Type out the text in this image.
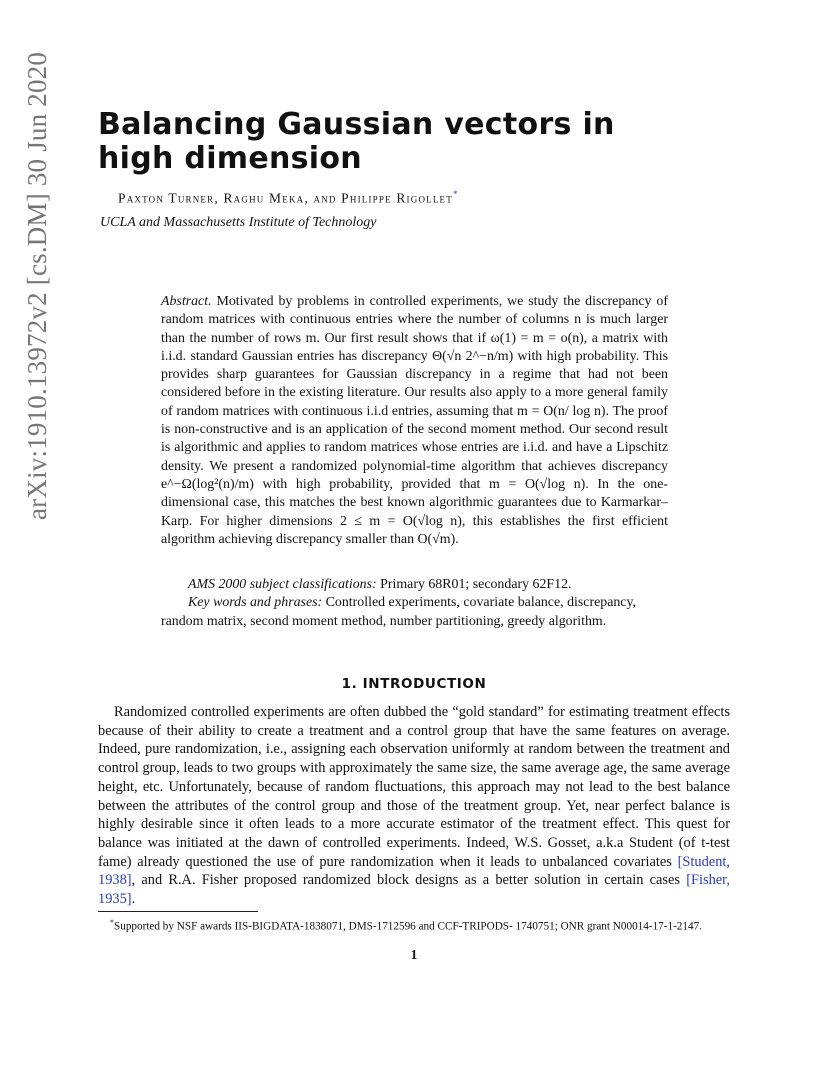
arXiv:1910.13972v2 [cs.DM] 30 Jun 2020 Balancing Gaussian vectors in high dimension
Paxton Turner, Raghu Meka, and Philippe Rigollet*
UCLA and Massachusetts Institute of Technology

Abstract. Motivated by problems in controlled experiments, we study the discrepancy of random matrices with continuous entries where the number of columns n is much larger than the number of rows m. Our first result shows that if ω(1) = m = o(n), a matrix with i.i.d. standard Gaussian entries has discrepancy Θ(√n 2^−n/m) with high probability. This provides sharp guarantees for Gaussian discrepancy in a regime that had not been considered before in the existing literature. Our results also apply to a more general family of random matrices with continuous i.i.d entries, assuming that m = O(n/ log n). The proof is non-constructive and is an application of the second moment method. Our second result is algorithmic and applies to random matrices whose entries are i.i.d. and have a Lipschitz density. We present a randomized polynomial-time algorithm that achieves discrepancy e^−Ω(log²(n)/m) with high probability, provided that m = O(√log n). In the one-dimensional case, this matches the best known algorithmic guarantees due to Karmarkar–Karp. For higher dimensions 2 ≤ m = O(√log n), this establishes the first efficient algorithm achieving discrepancy smaller than O(√m).

AMS 2000 subject classifications: Primary 68R01; secondary 62F12.

Key words and phrases: Controlled experiments, covariate balance, discrepancy, random matrix, second moment method, number partitioning, greedy algorithm.

1. INTRODUCTION

Randomized controlled experiments are often dubbed the “gold standard” for estimating treatment effects because of their ability to create a treatment and a control group that have the same features on average. Indeed, pure randomization, i.e., assigning each observation uniformly at random between the treatment and control group, leads to two groups with approximately the same size, the same average age, the same average height, etc. Unfortunately, because of random fluctuations, this approach may not lead to the best balance between the attributes of the control group and those of the treatment group. Yet, near perfect balance is highly desirable since it often leads to a more accurate estimator of the treatment effect. This quest for balance was initiated at the dawn of controlled experiments. Indeed, W.S. Gosset, a.k.a Student (of t-test fame) already questioned the use of pure randomization when it leads to unbalanced covariates [Student, 1938], and R.A. Fisher proposed randomized block designs as a better solution in certain cases [Fisher, 1935].

*Supported by NSF awards IIS-BIGDATA-1838071, DMS-1712596 and CCF-TRIPODS- 1740751; ONR grant N00014-17-1-2147.

1
